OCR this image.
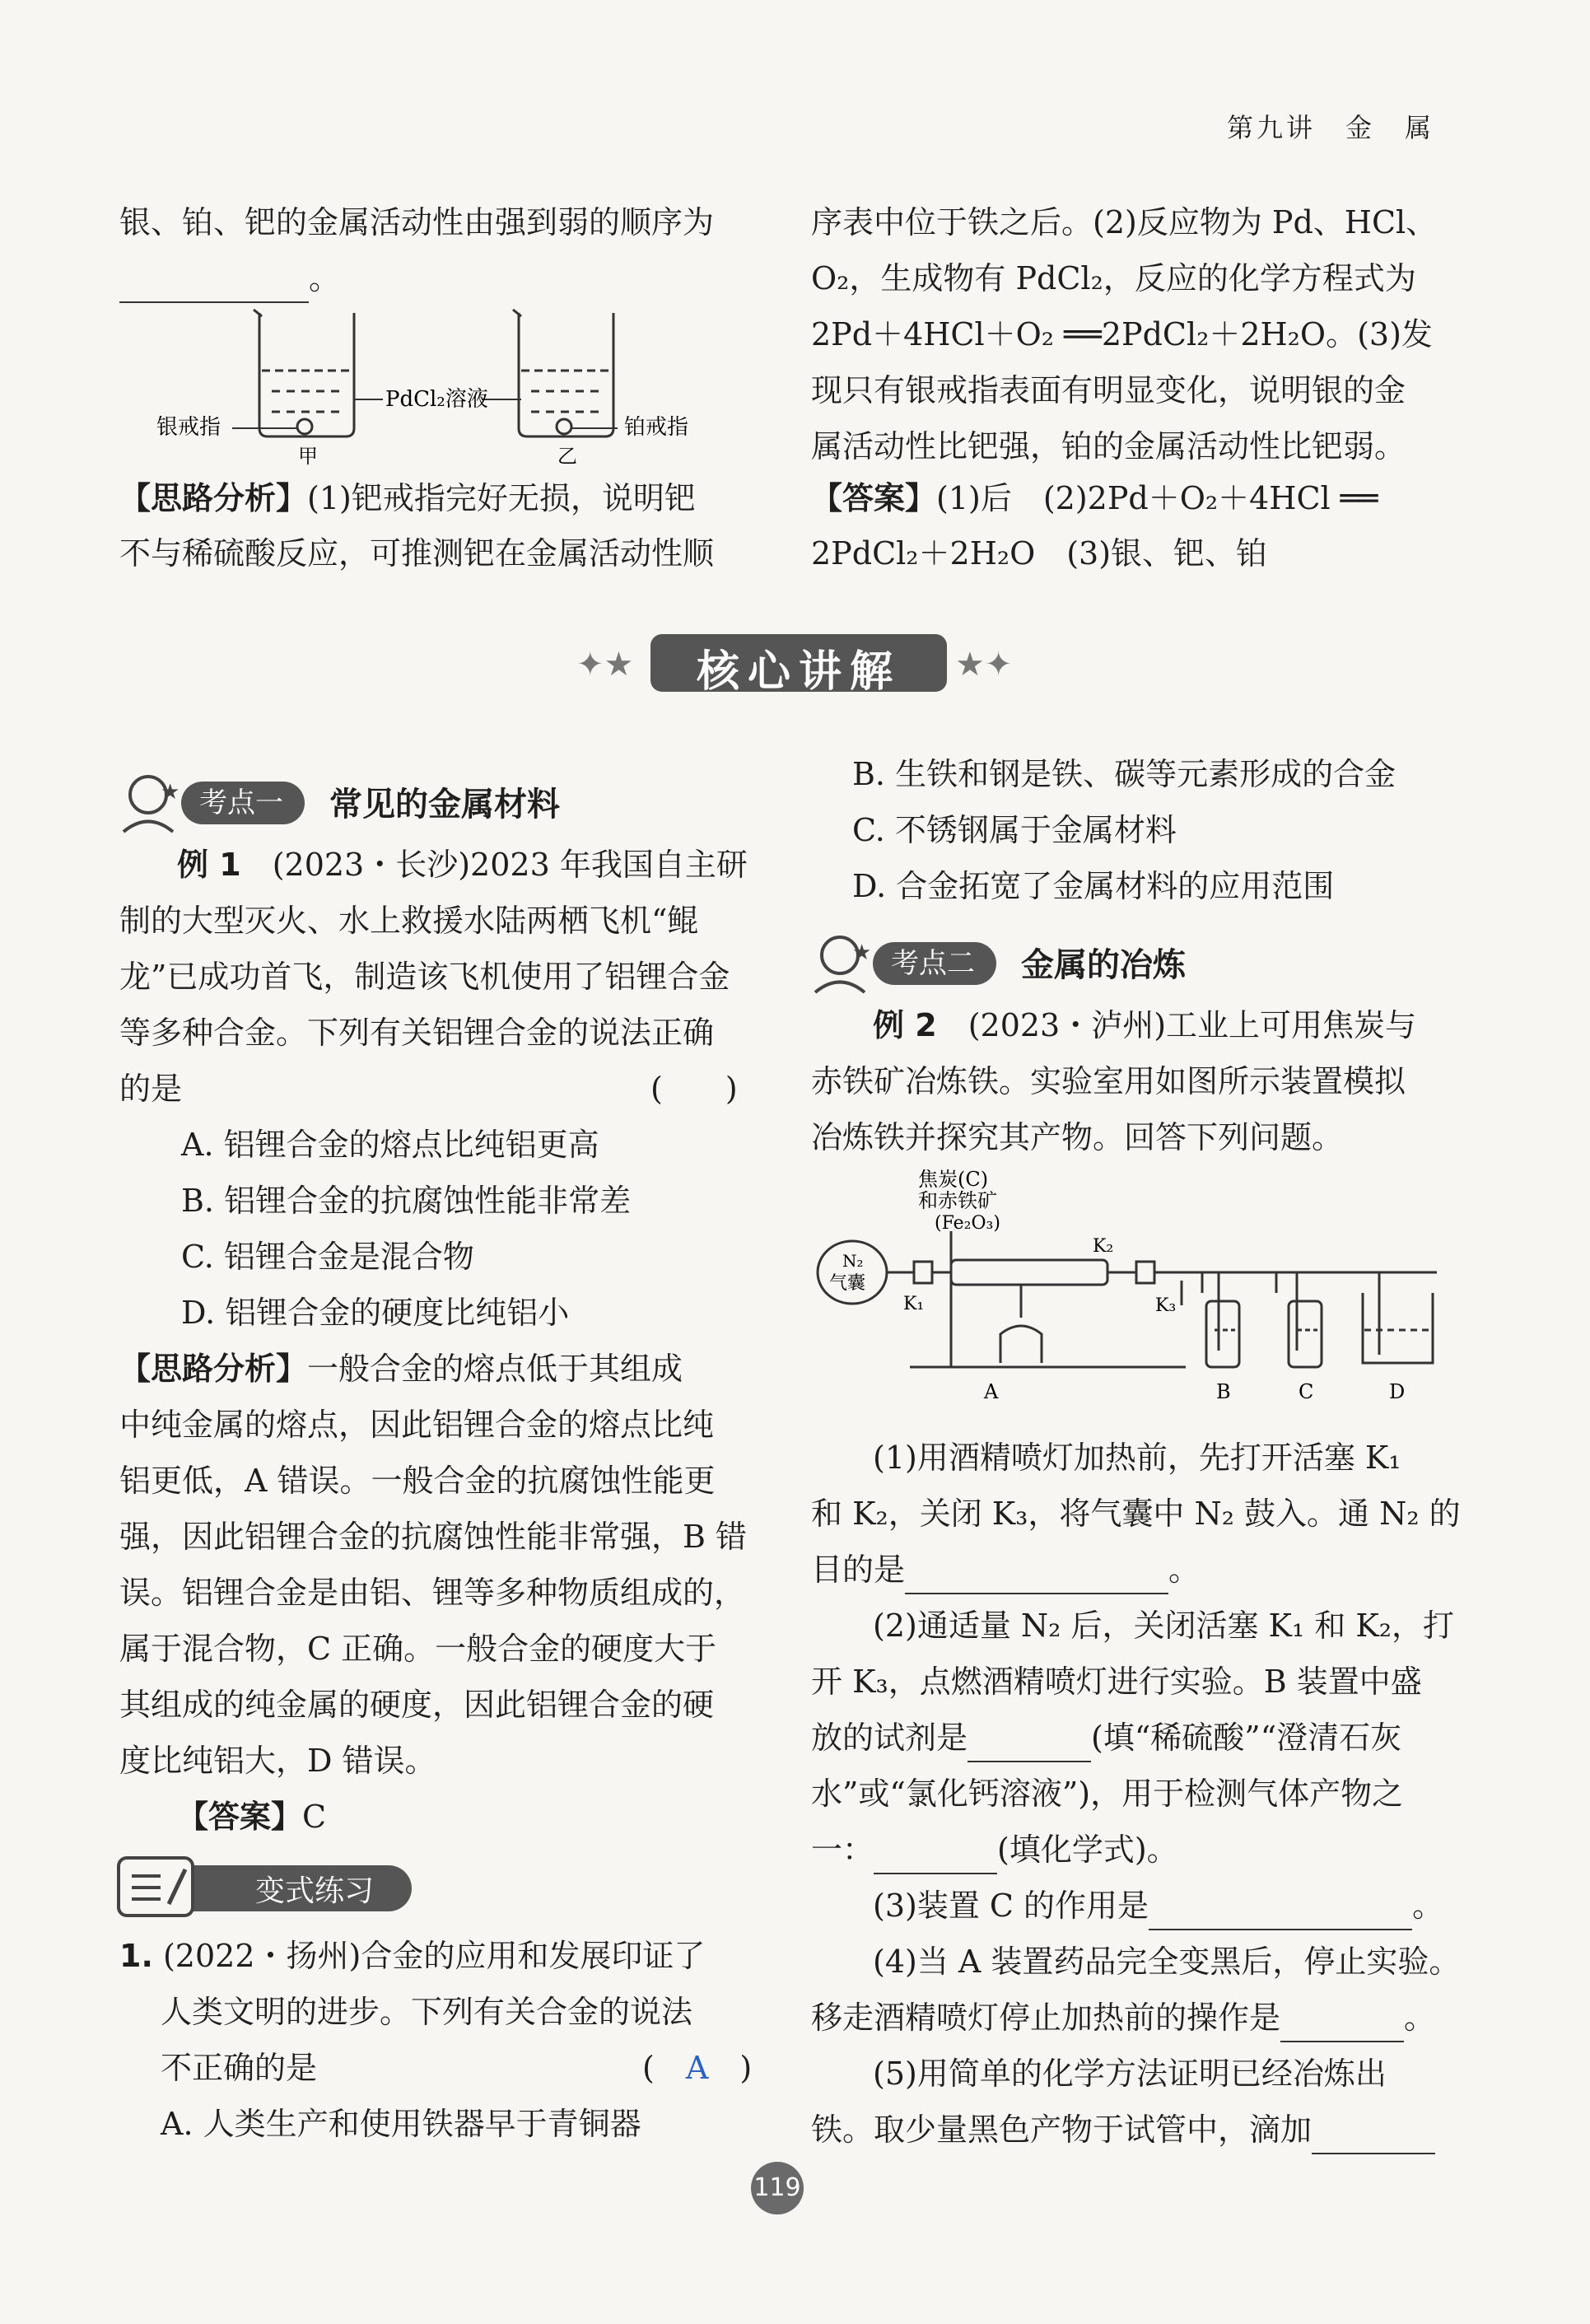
第九讲　金　属
银、铂、钯的金属活动性由强到弱的顺序为
。
银戒指
甲
PdCl₂溶液
乙
铂戒指
【思路分析】(1)钯戒指完好无损，说明钯
不与稀硫酸反应，可推测钯在金属活动性顺
序表中位于铁之后。(2)反应物为 Pd、HCl、
O₂，生成物有 PdCl₂，反应的化学方程式为
2Pd＋4HCl＋O₂ ══2PdCl₂＋2H₂O。(3)发
现只有银戒指表面有明显变化，说明银的金
属活动性比钯强，铂的金属活动性比钯弱。
【答案】(1)后　(2)2Pd＋O₂＋4HCl ══
2PdCl₂＋2H₂O　(3)银、钯、铂
✦★	★✦
核心讲解
★ 考点一	常见的金属材料
例 1　 (2023・长沙)2023 年我国自主研
制的大型灭火、水上救援水陆两栖飞机“鲲
龙”已成功首飞，制造该飞机使用了铝锂合金
等多种合金。下列有关铝锂合金的说法正确
的是	(　　)
A. 铝锂合金的熔点比纯铝更高
B. 铝锂合金的抗腐蚀性能非常差
C. 铝锂合金是混合物
D. 铝锂合金的硬度比纯铝小
【思路分析】一般合金的熔点低于其组成
中纯金属的熔点，因此铝锂合金的熔点比纯
铝更低，A 错误。一般合金的抗腐蚀性能更
强，因此铝锂合金的抗腐蚀性能非常强，B 错
误。铝锂合金是由铝、锂等多种物质组成的，
属于混合物，C 正确。一般合金的硬度大于
其组成的纯金属的硬度，因此铝锂合金的硬
度比纯铝大，D 错误。
【答案】C
变式练习
1. (2022・扬州)合金的应用和发展印证了
人类文明的进步。下列有关合金的说法
不正确的是	(　 A　 )
A. 人类生产和使用铁器早于青铜器
B. 生铁和钢是铁、碳等元素形成的合金
C. 不锈钢属于金属材料
D. 合金拓宽了金属材料的应用范围
★ 考点二	金属的冶炼
例 2　 (2023・泸州)工业上可用焦炭与
赤铁矿冶炼铁。实验室用如图所示装置模拟
冶炼铁并探究其产物。回答下列问题。
焦炭(C)
和赤铁矿
(Fe₂O₃)
N₂
气囊
K₁
K₂
K₃
A	B	C	D
(1)用酒精喷灯加热前，先打开活塞 K₁
和 K₂，关闭 K₃，将气囊中 N₂ 鼓入。通 N₂ 的
目的是	。
(2)通适量 N₂ 后，关闭活塞 K₁ 和 K₂，打
开 K₃，点燃酒精喷灯进行实验。B 装置中盛
放的试剂是	(填“稀硫酸”“澄清石灰
水”或“氯化钙溶液”)，用于检测气体产物之
一：	(填化学式)。
(3)装置 C 的作用是	。
(4)当 A 装置药品完全变黑后，停止实验。
移走酒精喷灯停止加热前的操作是	。
(5)用简单的化学方法证明已经冶炼出
铁。取少量黑色产物于试管中，滴加
119
